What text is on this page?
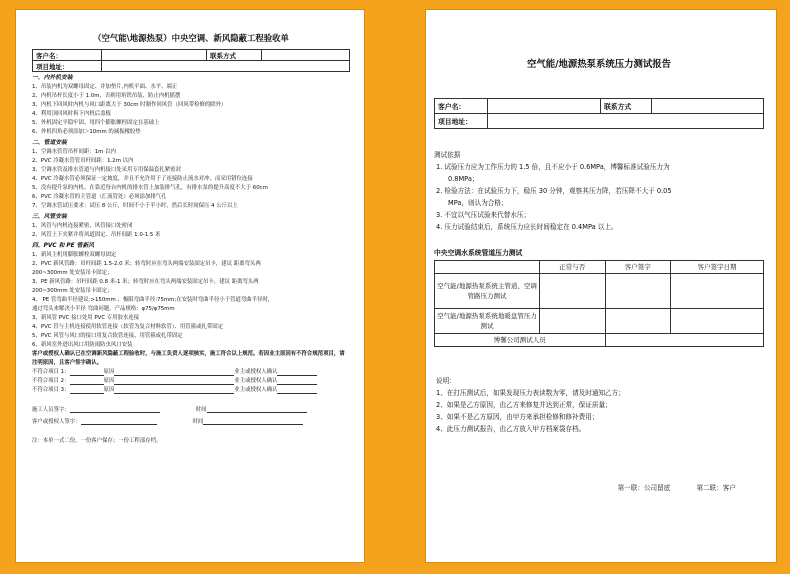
（空气能\地源热泵）中央空调、新风隐蔽工程验收单
客户名：		联系方式	
项目地址：			
一、内外机安装
1、吊装内机为双螺母固定、并加垫片,内机平面、水平、端正
2、内机吊杆长度小于 1.0m，否则用角铁吊装、防止内机摇摆
3、内机下回风时内机与风口距离大于 30cm 时制作回风管（回风带检修的除外）
4、利用顶回风时拆下内机后盖板
5、外机固定平稳牢固、用四个膨胀螺栓固定在基础上
6、外机四角必须添加＞10mm 的减振橡胶垫
二、管道安装
1、空调水管管吊杆间距：1m 以内
2、PVC 冷凝水管管吊杆间距：1.2m 以内
3、空调水管及排水管道与内机接口处采用专用保温套扎紧密封
4、PVC 冷凝水管必须保证一定坡度，并且不允许用于了连接防止流水对冲、而采用错位连接
5、没有提升泵的内机、在靠近每台内机的排水管上加装排气孔，有排水泵的提升高度不大于 60cm
6、PVC 冷凝水管的主管道（汇流管处）必须添加排气孔
7、空调水管试压要求：试压 8 公斤，时间不小于半小时，然后长时间保压 4 公斤以上
三、风管安装
1、风管与内机连接紧密、风管接口处密闭
2、风管上下夹紧并将风道固定、吊杆间距 1.0-1.5 米
四、PVC 和 PE 管新风
1、新风主机用膨胀螺栓双螺母固定
2、PVC 新风管路：吊杆间距 1.5-2.0 米；转弯时应在弯头两端安装固定吊卡，建议 距离弯头两
200~300mm 处安装吊卡固定；
3、PE 新风管路：吊杆间距 0.8 米-1 米；转弯时应在弯头两端安装固定吊卡，建议 距离弯头两
200~300mm 处安装吊卡固定；
4、 PE 管弯曲半径建议:>150mm 、极限弯曲半径:75mm;在安装时弯曲半径小于管道弯曲半径时,
通过弯头来解决小半径 弯曲问题。产品规格：φ75/φ75mm
3、新风管 PVC 接口处用 PVC 专用胶水连接
4、PVC 管与主机连接使用软管连接（软管为复合材料软管）、用管箍或扎带固定
5、PVC 风管与风口的接口用复合软管连接、用管箍或扎带固定
6、新风室外进出风口用防雨防虫风口安装
客户或授权人确认已在空调新风隐蔽工程验收时，与施工负责人逐项核实，施工符合以上规范。若因业主原因有不符合规范项目，请注明原因，且客户签字确认。
不符合项目 1：	原因	业主或授权人确认
不符合项目 2：	原因	业主或授权人确认
不符合项目 3：	原因	业主或授权人确认
施工人员签字：	时间
客户或授权人签字：	时间
注：本单一式二份，一份客户保存；一份工程部存档。
空气能/地源热泵系统压力测试报告
客户名：		联系方式	
项目地址：			
测试依据
1. 试验压力应为工作压力的 1.5 倍，且不应小于 0.6MPa，博馨标准试验压力为
0.8MPa；
2. 检验方法：在试验压力下，稳压 30 分钟，观察其压力降，若压降不大于 0.05
MPa，则认为合格；
3. 不宜以气压试验来代替水压；
4. 压力试验结束后，系统压力应长时间稳定在 0.4MPa 以上。
中央空调水系统管道压力测试
	正常与否	客户签字	客户签字日期
空气能/地源热泵系统主管道、空调管路压力测试			
空气能/地源热泵系统地暖盘管压力测试			
博馨公司测试人员			
说明：
1、在打压测试后，如果发现压力表读数为零，请及时通知乙方；
2、如果是乙方原因，由乙方来修复并达到正常，保证质量；
3、如果不是乙方原因，由甲方来承担检修和修补费用；
4、此压力测试报告，由乙方放入甲方档案袋存档。
第一联：公司留底	第二联：客户
